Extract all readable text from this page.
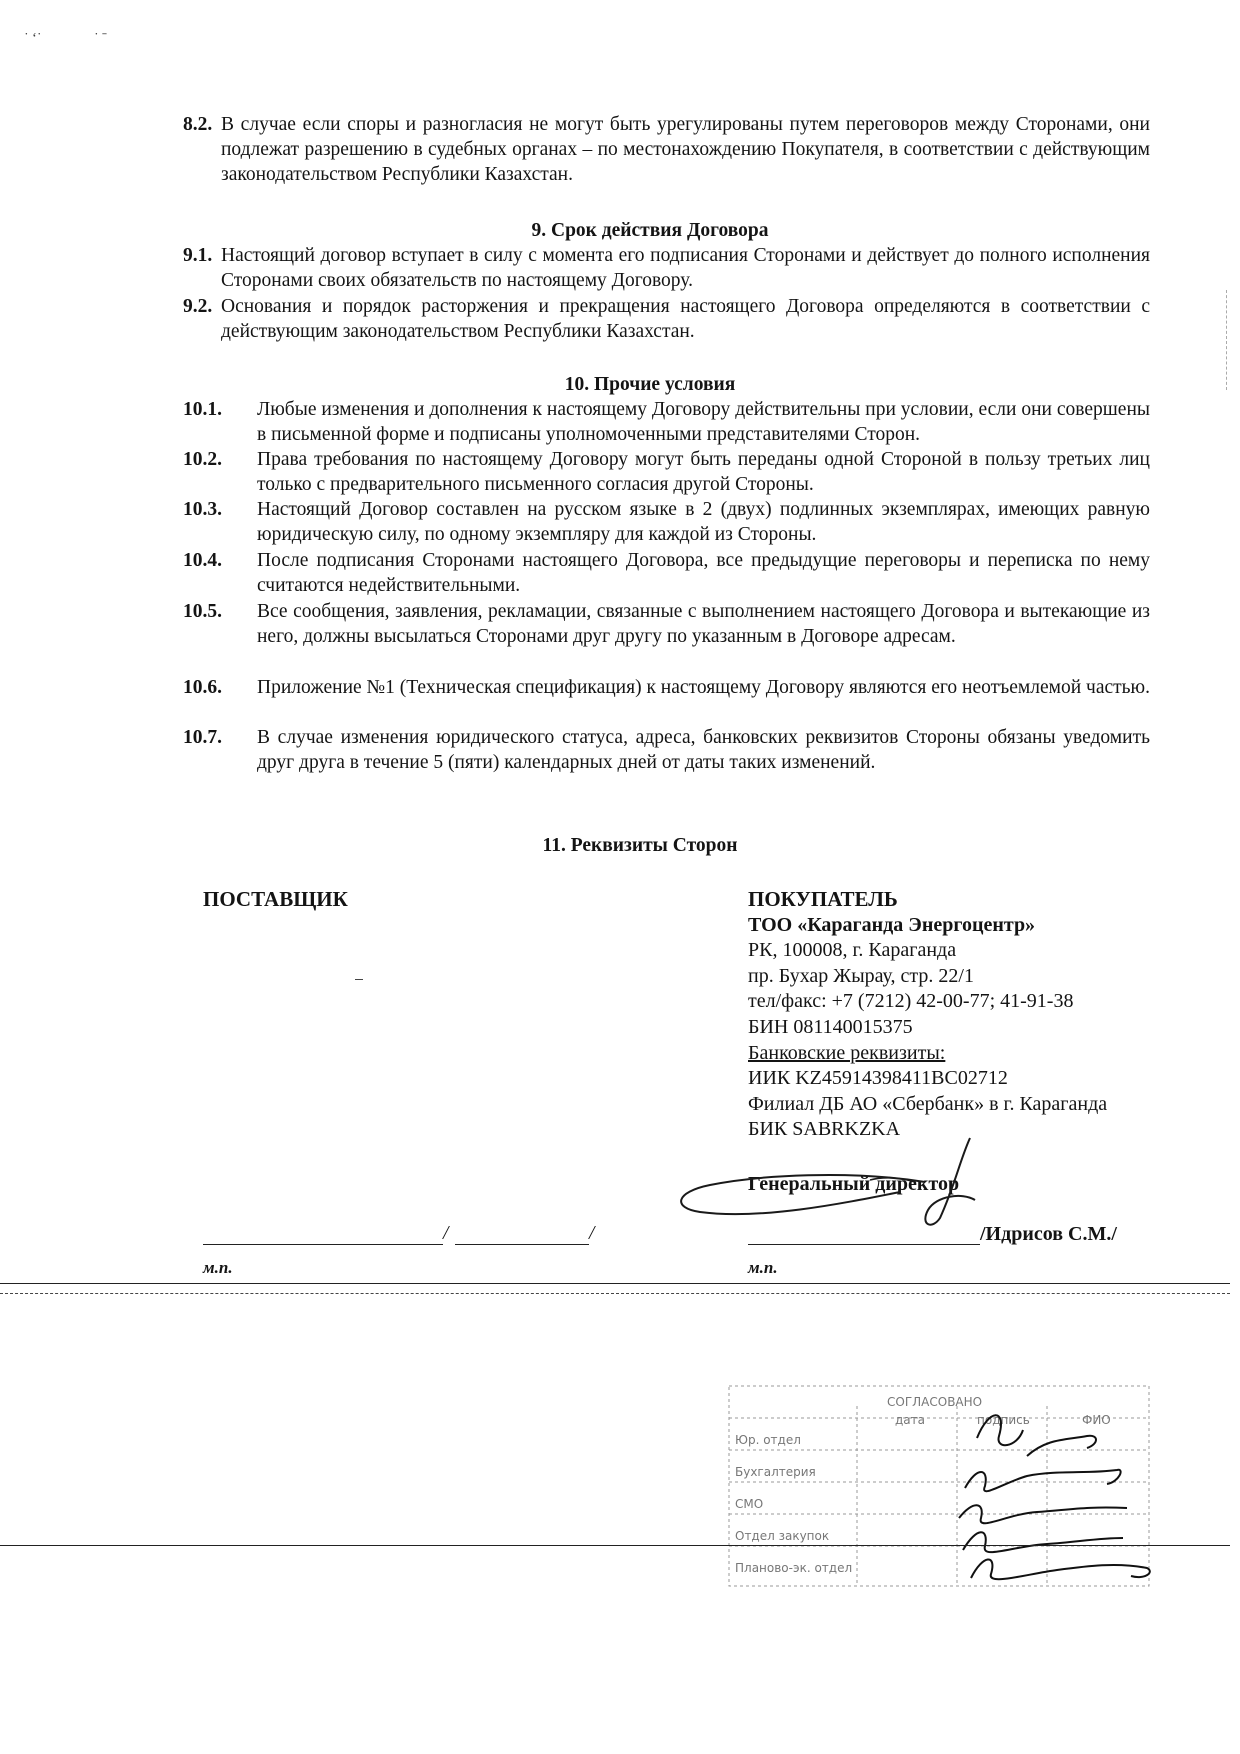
˙ ʻ˙	˙ ˉ
8.2. В случае если споры и разногласия не могут быть урегулированы путем переговоров между Сторонами, они подлежат разрешению в судебных органах – по местонахождению Покупателя, в соответствии с действующим законодательством Республики Казахстан.
9. Срок действия Договора
9.1. Настоящий договор вступает в силу с момента его подписания Сторонами и действует до полного исполнения Сторонами своих обязательств по настоящему Договору.
9.2. Основания и порядок расторжения и прекращения настоящего Договора определяются в соответствии с действующим законодательством Республики Казахстан.
10. Прочие условия
10.1. Любые изменения и дополнения к настоящему Договору действительны при условии, если они совершены в письменной форме и подписаны уполномоченными представителями Сторон.
10.2. Права требования по настоящему Договору могут быть переданы одной Стороной в пользу третьих лиц только с предварительного письменного согласия другой Стороны.
10.3. Настоящий Договор составлен на русском языке в 2 (двух) подлинных экземплярах, имеющих равную юридическую силу, по одному экземпляру для каждой из Стороны.
10.4. После подписания Сторонами настоящего Договора, все предыдущие переговоры и переписка по нему считаются недействительными.
10.5. Все сообщения, заявления, рекламации, связанные с выполнением настоящего Договора и вытекающие из него, должны высылаться Сторонами друг другу по указанным в Договоре адресам.
10.6. Приложение №1 (Техническая спецификация) к настоящему Договору являются его неотъемлемой частью.
10.7. В случае изменения юридического статуса, адреса, банковских реквизитов Стороны обязаны уведомить друг друга в течение 5 (пяти) календарных дней от даты таких изменений.
11. Реквизиты Сторон
ПОСТАВЩИК	ПОКУПАТЕЛЬ
ТОО «Караганда Энергоцентр»
РК, 100008, г. Караганда
пр. Бухар Жырау, стр. 22/1
тел/факс: +7 (7212) 42-00-77; 41-91-38
БИН 081140015375
Банковские реквизиты:
ИИК KZ45914398411BC02712
Филиал ДБ АО «Сбербанк» в г. Караганда
БИК SABRKZKA
Генеральный директор
/	/	/Идрисов С.М./
м.п.	м.п.
СОГЛАСОВАНО
дата	подпись	ФИО
Юр. отдел
Бухгалтерия
СМО
Отдел закупок
Планово-эк. отдел
